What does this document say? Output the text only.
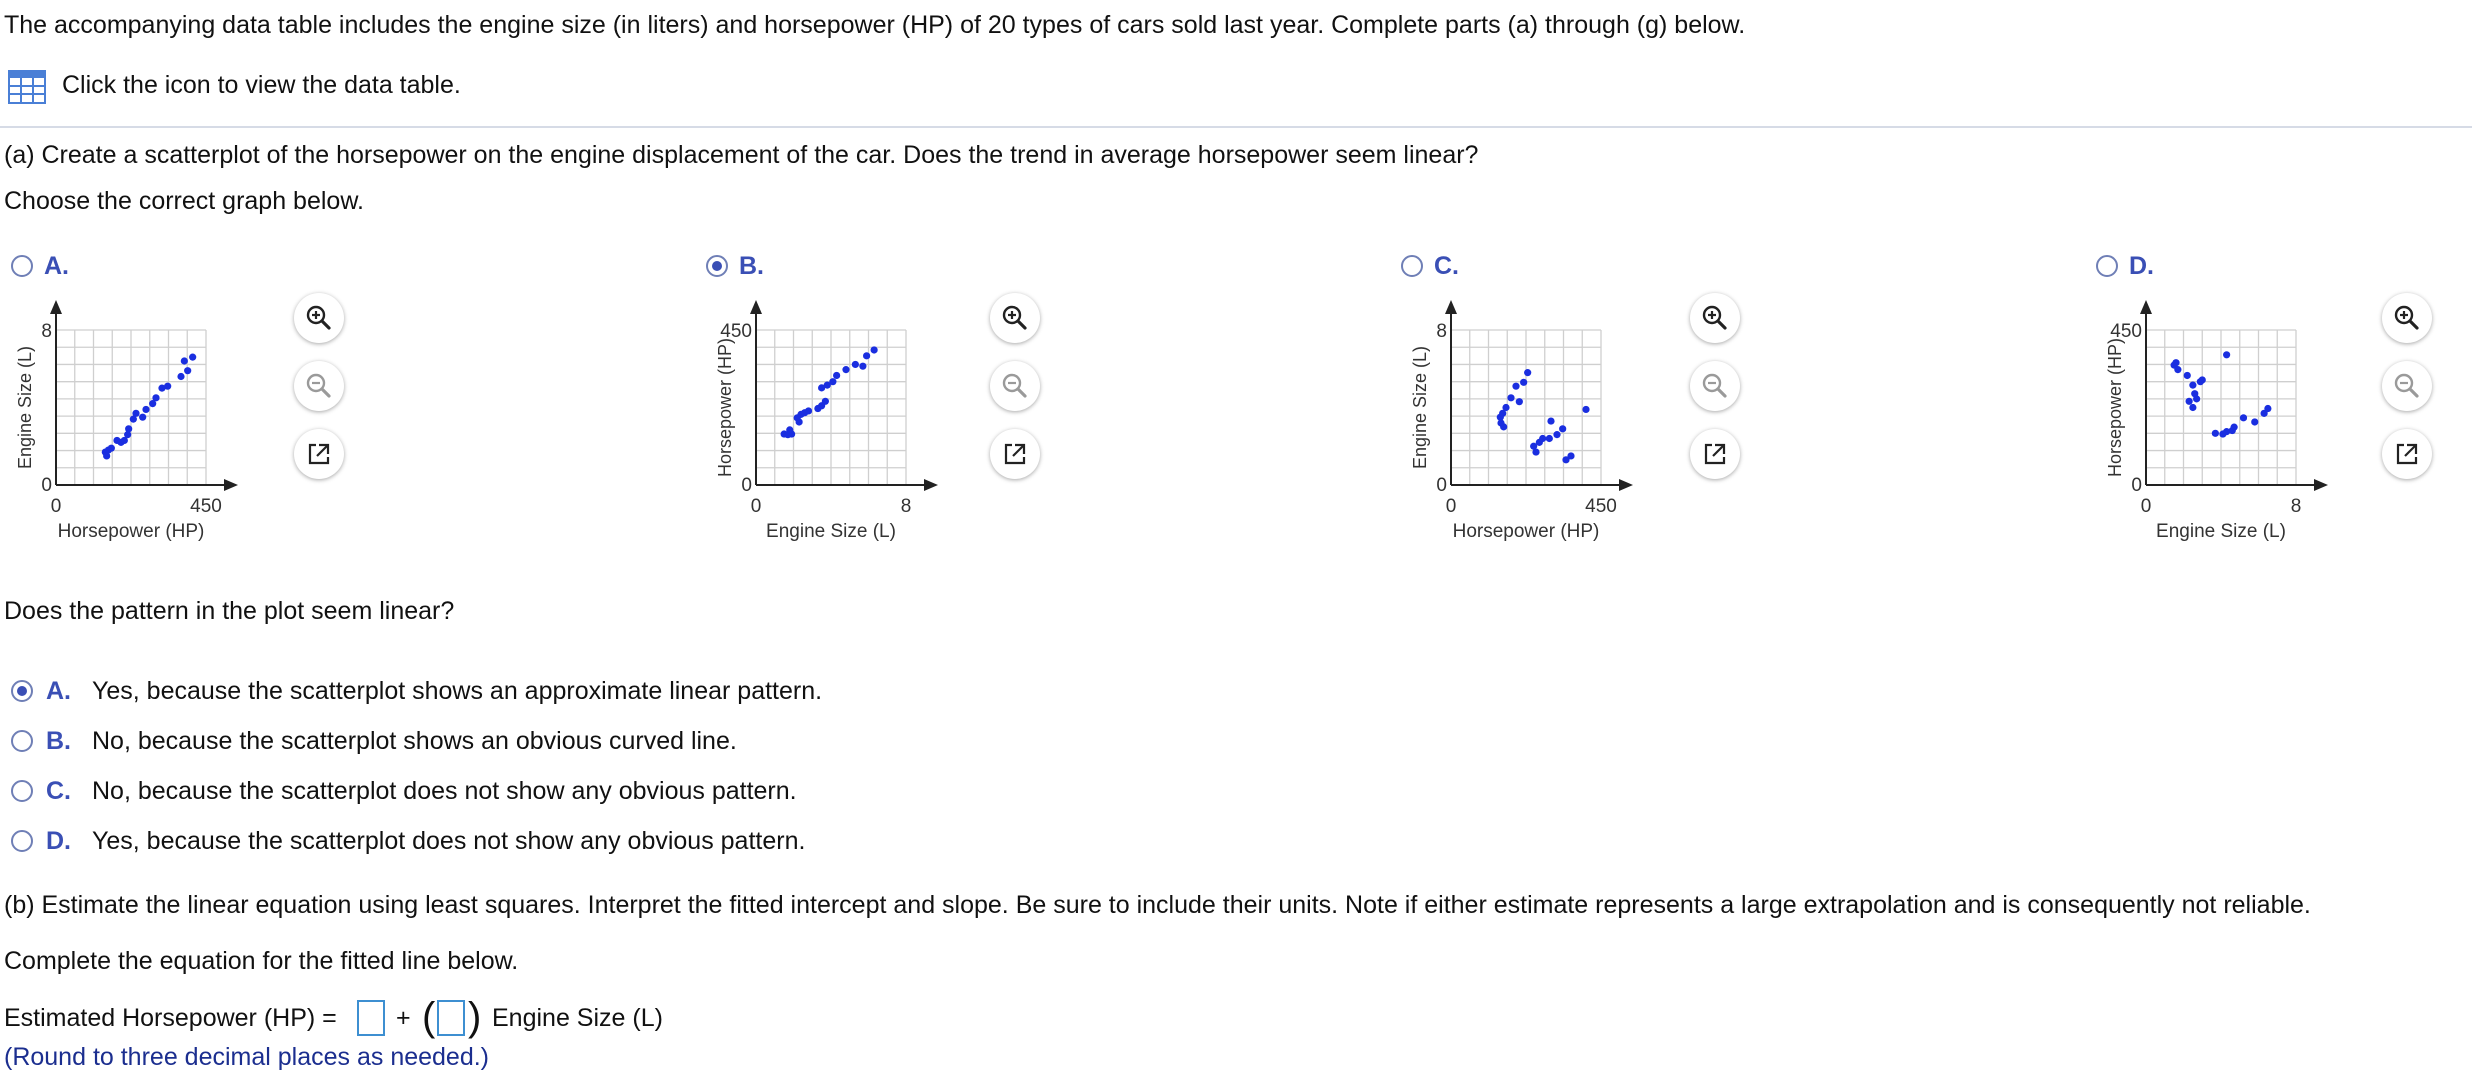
The accompanying data table includes the engine size (in liters) and horsepower (HP) of 20 types of cars sold last year. Complete parts (a) through (g) below.
Click the icon to view the data table.
(a) Create a scatterplot of the horsepower on the engine displacement of the car. Does the trend in average horsepower seem linear?
Choose the correct graph below.
A.
8
0
0	450
Horsepower (HP)
Engine Size (L)
B.
450
0
0	8
Engine Size (L)
Horsepower (HP)
C.
8
0
0	450
Horsepower (HP)
Engine Size (L)
D.
450
0
0	8
Engine Size (L)
Horsepower (HP)
Does the pattern in the plot seem linear?
A. Yes, because the scatterplot shows an approximate linear pattern.
B. No, because the scatterplot shows an obvious curved line.
C. No, because the scatterplot does not show any obvious pattern.
D. Yes, because the scatterplot does not show any obvious pattern.
(b) Estimate the linear equation using least squares. Interpret the fitted intercept and slope. Be sure to include their units. Note if either estimate represents a large extrapolation and is consequently not reliable.
Complete the equation for the fitted line below.
Estimated Horsepower (HP) = + ( ) Engine Size (L)
(Round to three decimal places as needed.)
